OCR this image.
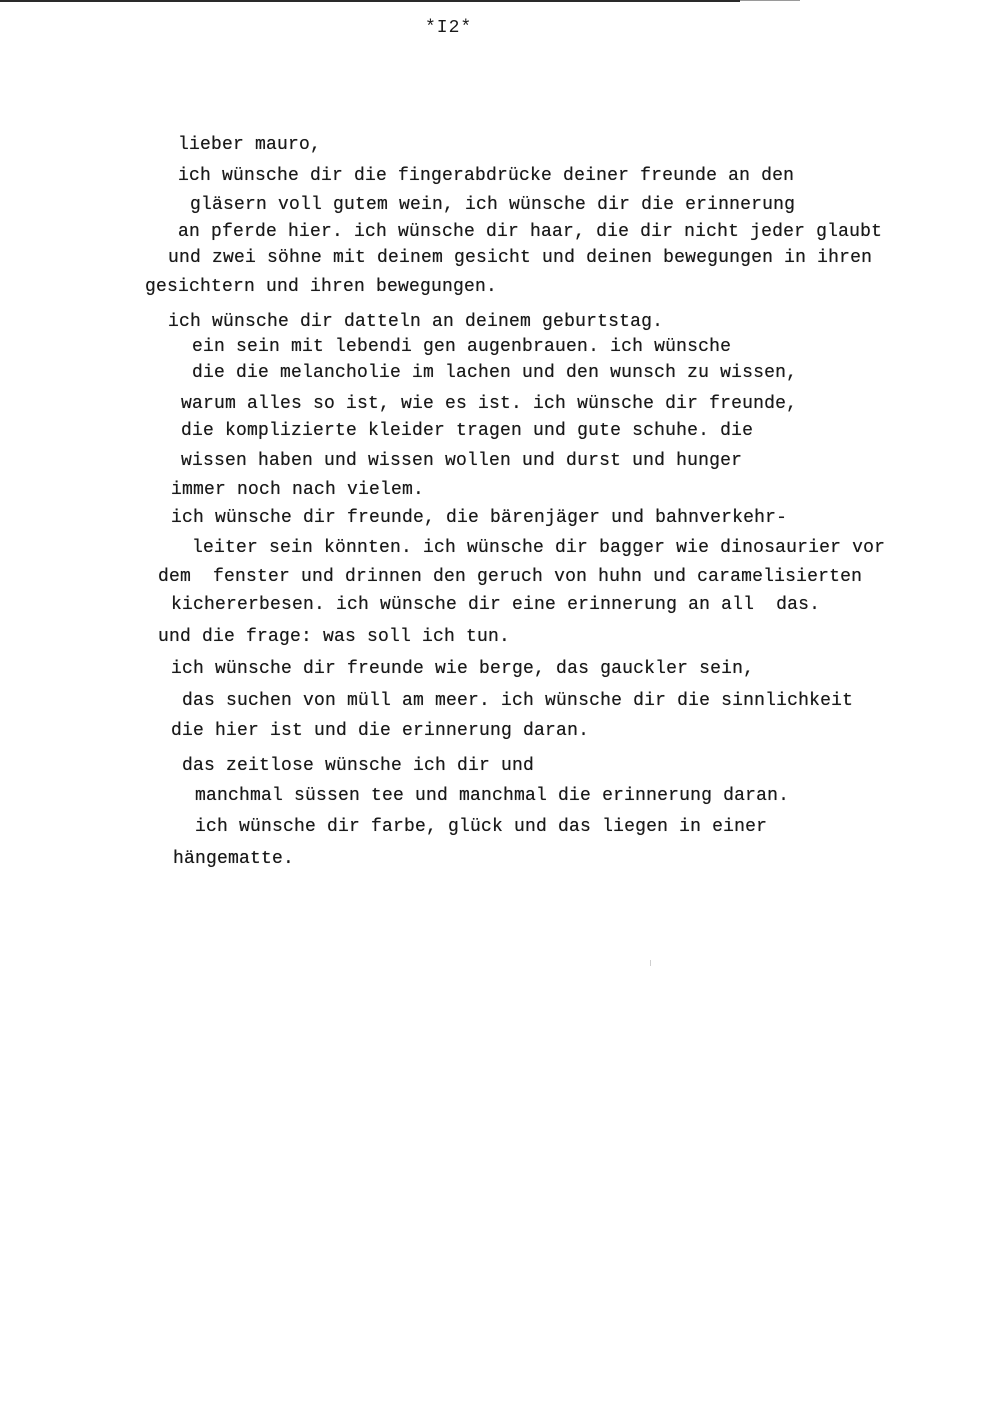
*I2*
lieber mauro,
ich wünsche dir die fingerabdrücke deiner freunde an den
gläsern voll gutem wein, ich wünsche dir die erinnerung
an pferde hier. ich wünsche dir haar, die dir nicht jeder glaubt
und zwei söhne mit deinem gesicht und deinen bewegungen in ihren
gesichtern und ihren bewegungen.
ich wünsche dir datteln an deinem geburtstag.
ein sein mit lebendi gen augenbrauen. ich wünsche
die die melancholie im lachen und den wunsch zu wissen,
warum alles so ist, wie es ist. ich wünsche dir freunde,
die komplizierte kleider tragen und gute schuhe. die
wissen haben und wissen wollen und durst und hunger
immer noch nach vielem.
ich wünsche dir freunde, die bärenjäger und bahnverkehr-
leiter sein könnten. ich wünsche dir bagger wie dinosaurier vor
dem  fenster und drinnen den geruch von huhn und caramelisierten
kichererbesen. ich wünsche dir eine erinnerung an all  das.
und die frage: was soll ich tun.
ich wünsche dir freunde wie berge, das gauckler sein,
das suchen von müll am meer. ich wünsche dir die sinnlichkeit
die hier ist und die erinnerung daran.
das zeitlose wünsche ich dir und
manchmal süssen tee und manchmal die erinnerung daran.
ich wünsche dir farbe, glück und das liegen in einer
hängematte.
